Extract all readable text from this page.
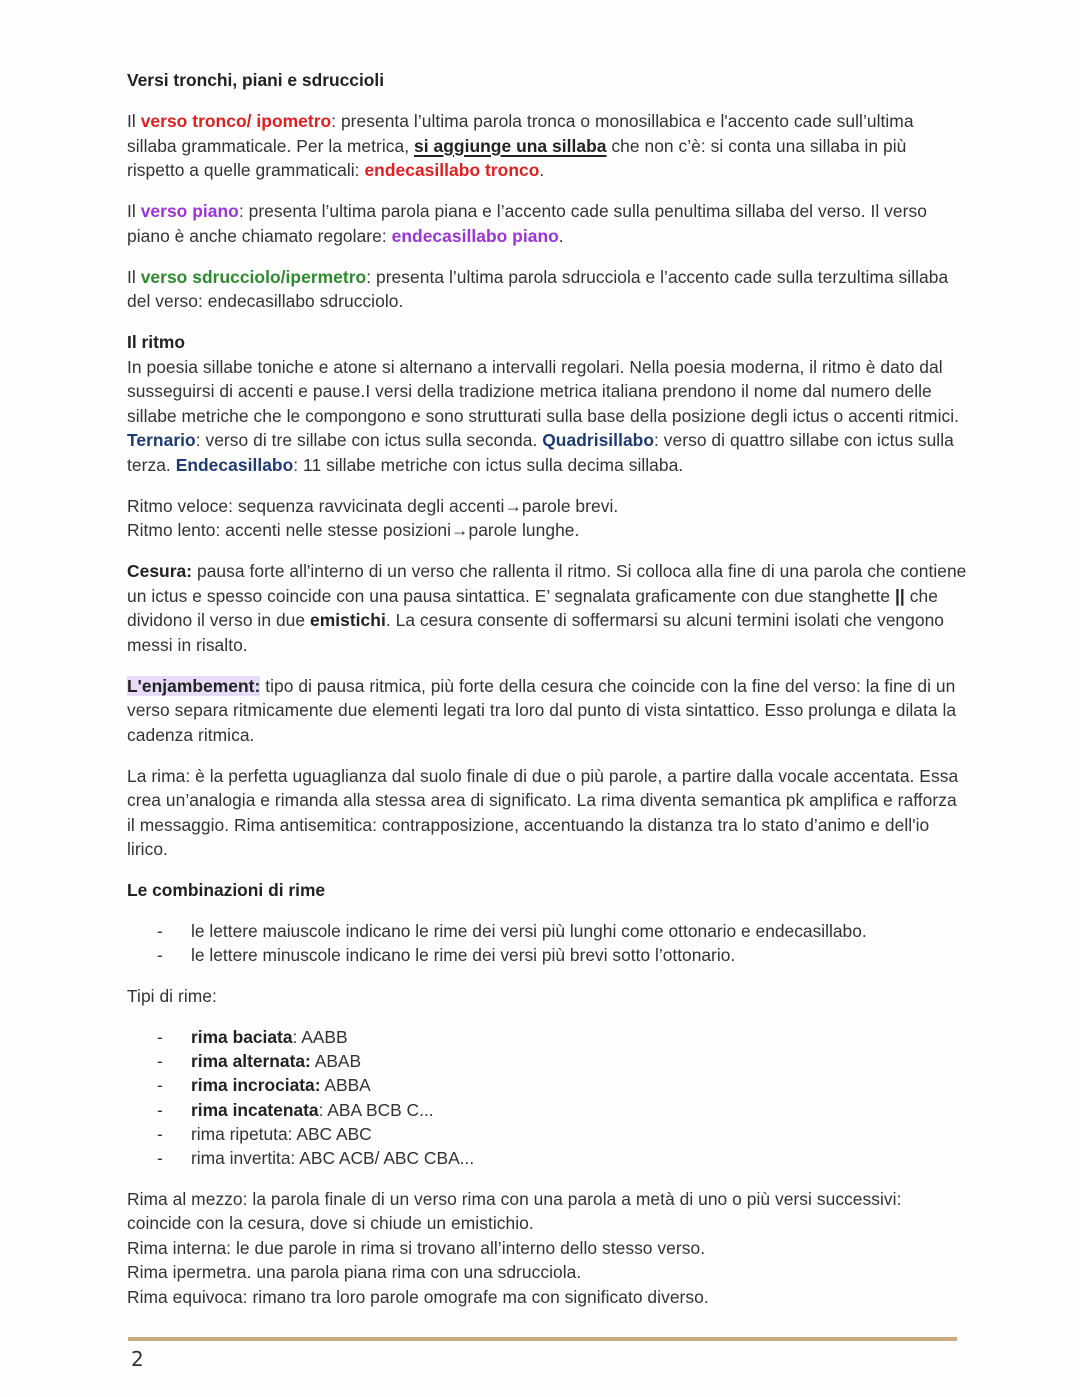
Versi tronchi, piani e sdruccioli

Il verso tronco/ ipometro: presenta l’ultima parola tronca o monosillabica e l'accento cade sull’ultima sillaba grammaticale. Per la metrica, si aggiunge una sillaba che non c’è: si conta una sillaba in più rispetto a quelle grammaticali: endecasillabo tronco.

Il verso piano: presenta l’ultima parola piana e l’accento cade sulla penultima sillaba del verso. Il verso piano è anche chiamato regolare: endecasillabo piano.

Il verso sdrucciolo/ipermetro: presenta l’ultima parola sdrucciola e l’accento cade sulla terzultima sillaba del verso: endecasillabo sdrucciolo.

Il ritmo

In poesia sillabe toniche e atone si alternano a intervalli regolari. Nella poesia moderna, il ritmo è dato dal susseguirsi di accenti e pause.I versi della tradizione metrica italiana prendono il nome dal numero delle sillabe metriche che le compongono e sono strutturati sulla base della posizione degli ictus o accenti ritmici. Ternario: verso di tre sillabe con ictus sulla seconda. Quadrisillabo: verso di quattro sillabe con ictus sulla terza. Endecasillabo: 11 sillabe metriche con ictus sulla decima sillaba.

Ritmo veloce: sequenza ravvicinata degli accenti→parole brevi.
Ritmo lento: accenti nelle stesse posizioni→parole lunghe.

Cesura: pausa forte all'interno di un verso che rallenta il ritmo. Si colloca alla fine di una parola che contiene un ictus e spesso coincide con una pausa sintattica. E’ segnalata graficamente con due stanghette || che dividono il verso in due emistichi. La cesura consente di soffermarsi su alcuni termini isolati che vengono messi in risalto.

L'enjambement: tipo di pausa ritmica, più forte della cesura che coincide con la fine del verso: la fine di un verso separa ritmicamente due elementi legati tra loro dal punto di vista sintattico. Esso prolunga e dilata la cadenza ritmica.

La rima: è la perfetta uguaglianza dal suolo finale di due o più parole, a partire dalla vocale accentata. Essa crea un’analogia e rimanda alla stessa area di significato. La rima diventa semantica pk amplifica e rafforza il messaggio. Rima antisemitica: contrapposizione, accentuando la distanza tra lo stato d’animo e dell'io lirico.

Le combinazioni di rime

- le lettere maiuscole indicano le rime dei versi più lunghi come ottonario e endecasillabo.
- le lettere minuscole indicano le rime dei versi più brevi sotto l’ottonario.

Tipi di rime:

- rima baciata: AABB
- rima alternata: ABAB
- rima incrociata: ABBA
- rima incatenata: ABA BCB C...
- rima ripetuta: ABC ABC
- rima invertita: ABC ACB/ ABC CBA...

Rima al mezzo: la parola finale di un verso rima con una parola a metà di uno o più versi successivi: coincide con la cesura, dove si chiude un emistichio.
Rima interna: le due parole in rima si trovano all’interno dello stesso verso.
Rima ipermetra. una parola piana rima con una sdrucciola.
Rima equivoca: rimano tra loro parole omografe ma con significato diverso.

2
